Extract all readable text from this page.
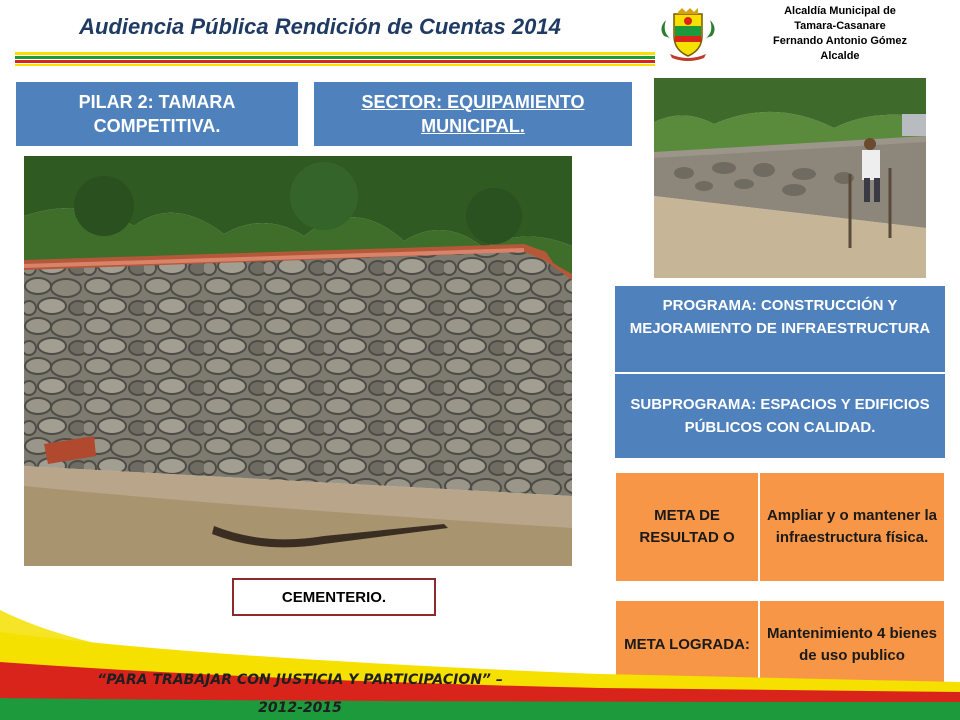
Audiencia Pública Rendición de Cuentas 2014
Alcaldía Municipal de
Tamara-Casanare
Fernando Antonio Gómez
Alcalde
PILAR 2: TAMARA COMPETITIVA.
SECTOR: EQUIPAMIENTO MUNICIPAL.
CEMENTERIO.
PROGRAMA: CONSTRUCCIÓN Y MEJORAMIENTO DE INFRAESTRUCTURA
SUBPROGRAMA: ESPACIOS Y EDIFICIOS PÚBLICOS CON CALIDAD.
META DE RESULTAD O
Ampliar y o mantener la infraestructura física.
META LOGRADA:
Mantenimiento 4 bienes de uso publico
“PARA TRABAJAR CON JUSTICIA Y PARTICIPACION” –
2012-2015
